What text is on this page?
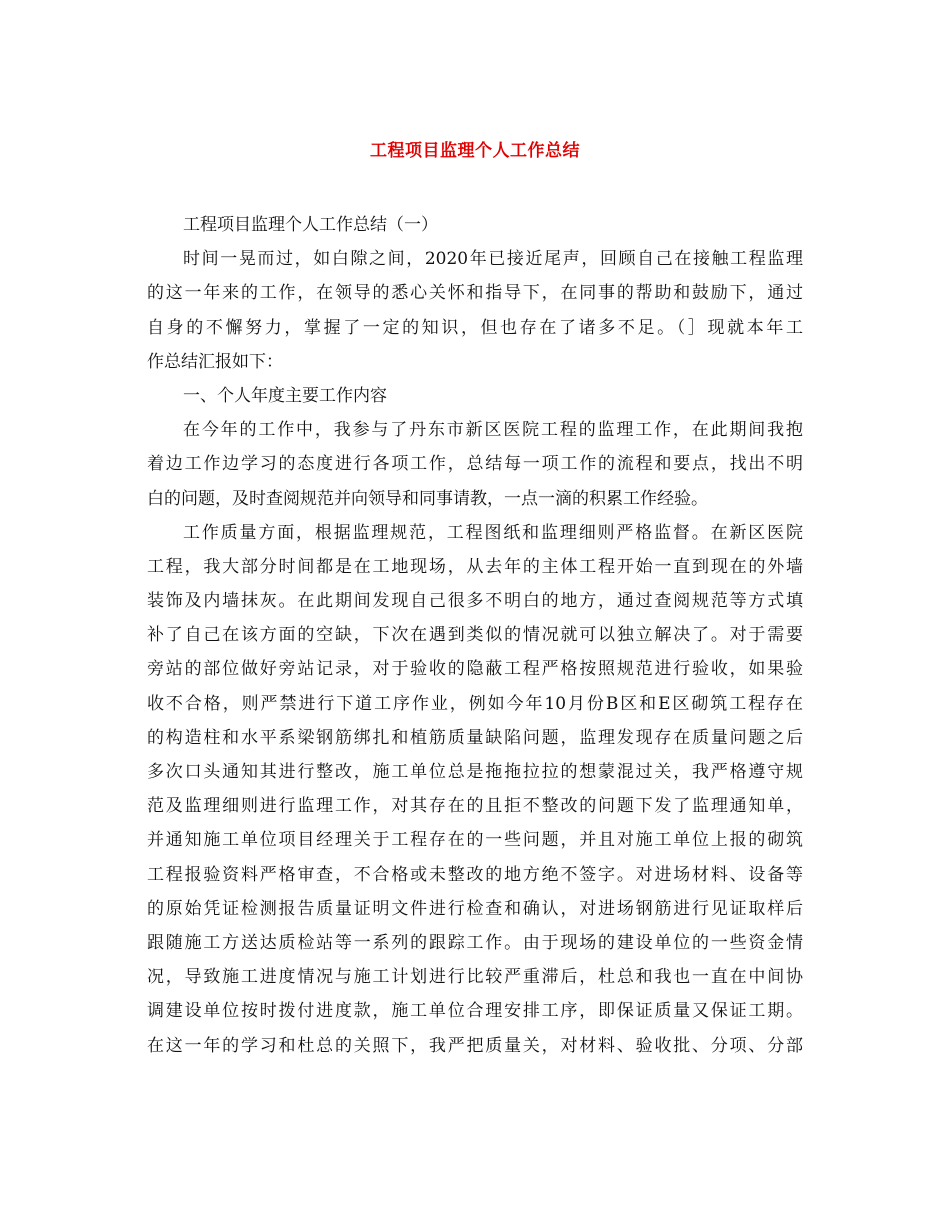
工程项目监理个人工作总结
工程项目监理个人工作总结（一）
时间一晃而过，如白隙之间，2020年已接近尾声，回顾自己在接触工程监理
的这一年来的工作，在领导的悉心关怀和指导下，在同事的帮助和鼓励下，通过
自身的不懈努力，掌握了一定的知识，但也存在了诸多不足。（］现就本年工
作总结汇报如下：
一、个人年度主要工作内容
在今年的工作中，我参与了丹东市新区医院工程的监理工作，在此期间我抱
着边工作边学习的态度进行各项工作，总结每一项工作的流程和要点，找出不明
白的问题，及时查阅规范并向领导和同事请教，一点一滴的积累工作经验。
工作质量方面，根据监理规范，工程图纸和监理细则严格监督。在新区医院
工程，我大部分时间都是在工地现场，从去年的主体工程开始一直到现在的外墙
装饰及内墙抹灰。在此期间发现自己很多不明白的地方，通过查阅规范等方式填
补了自己在该方面的空缺，下次在遇到类似的情况就可以独立解决了。对于需要
旁站的部位做好旁站记录，对于验收的隐蔽工程严格按照规范进行验收，如果验
收不合格，则严禁进行下道工序作业，例如今年10月份B区和E区砌筑工程存在
的构造柱和水平系梁钢筋绑扎和植筋质量缺陷问题，监理发现存在质量问题之后
多次口头通知其进行整改，施工单位总是拖拖拉拉的想蒙混过关，我严格遵守规
范及监理细则进行监理工作，对其存在的且拒不整改的问题下发了监理通知单，
并通知施工单位项目经理关于工程存在的一些问题，并且对施工单位上报的砌筑
工程报验资料严格审查，不合格或未整改的地方绝不签字。对进场材料、设备等
的原始凭证检测报告质量证明文件进行检查和确认，对进场钢筋进行见证取样后
跟随施工方送达质检站等一系列的跟踪工作。由于现场的建设单位的一些资金情
况，导致施工进度情况与施工计划进行比较严重滞后，杜总和我也一直在中间协
调建设单位按时拨付进度款，施工单位合理安排工序，即保证质量又保证工期。
在这一年的学习和杜总的关照下，我严把质量关，对材料、验收批、分项、分部
